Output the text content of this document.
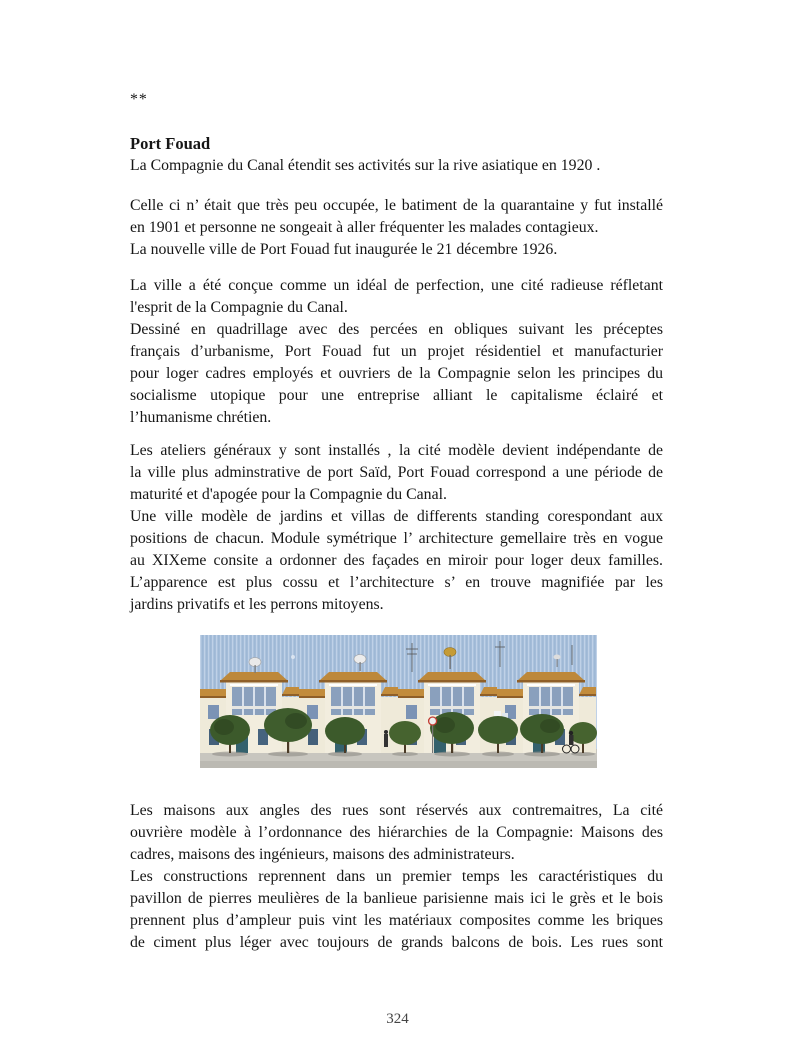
**
Port Fouad
La Compagnie du Canal étendit ses activités sur la rive asiatique en 1920 .
Celle ci n’ était que très peu occupée, le batiment de la quarantaine y fut installé
en 1901 et personne ne songeait à aller fréquenter les malades contagieux.
La nouvelle ville de Port Fouad fut inaugurée le 21 décembre 1926.
La ville a été conçue comme un idéal de perfection, une cité radieuse réfletant
l'esprit de la Compagnie du Canal.
Dessiné en quadrillage avec des percées en obliques suivant les préceptes
français d’urbanisme, Port Fouad fut un projet résidentiel et manufacturier
pour loger cadres employés et ouvriers de la Compagnie selon les principes du
socialisme utopique pour une entreprise alliant le capitalisme éclairé et
l’humanisme chrétien.
Les ateliers généraux y sont installés , la cité modèle devient indépendante de
la ville plus adminstrative de port Saïd, Port Fouad correspond a une période de
maturité et d'apogée pour la Compagnie du Canal.
Une ville modèle de jardins et villas de differents standing corespondant aux
positions de chacun. Module symétrique l’ architecture gemellaire très en vogue
au XIXeme consite a ordonner des façades en miroir pour loger deux familles.
L’apparence est plus cossu et l’architecture s’ en trouve magnifiée par les
jardins privatifs et les perrons mitoyens.
Les maisons aux angles des rues sont réservés aux contremaitres, La cité
ouvrière modèle à l’ordonnance des hiérarchies de la Compagnie: Maisons des
cadres, maisons des ingénieurs, maisons des administrateurs.
Les constructions reprennent dans un premier temps les caractéristiques du
pavillon de pierres meulières de la banlieue parisienne mais ici le grès et le bois
prennent plus d’ampleur puis vint les matériaux composites comme les briques
de ciment plus léger avec toujours de grands balcons de bois. Les rues sont
324
